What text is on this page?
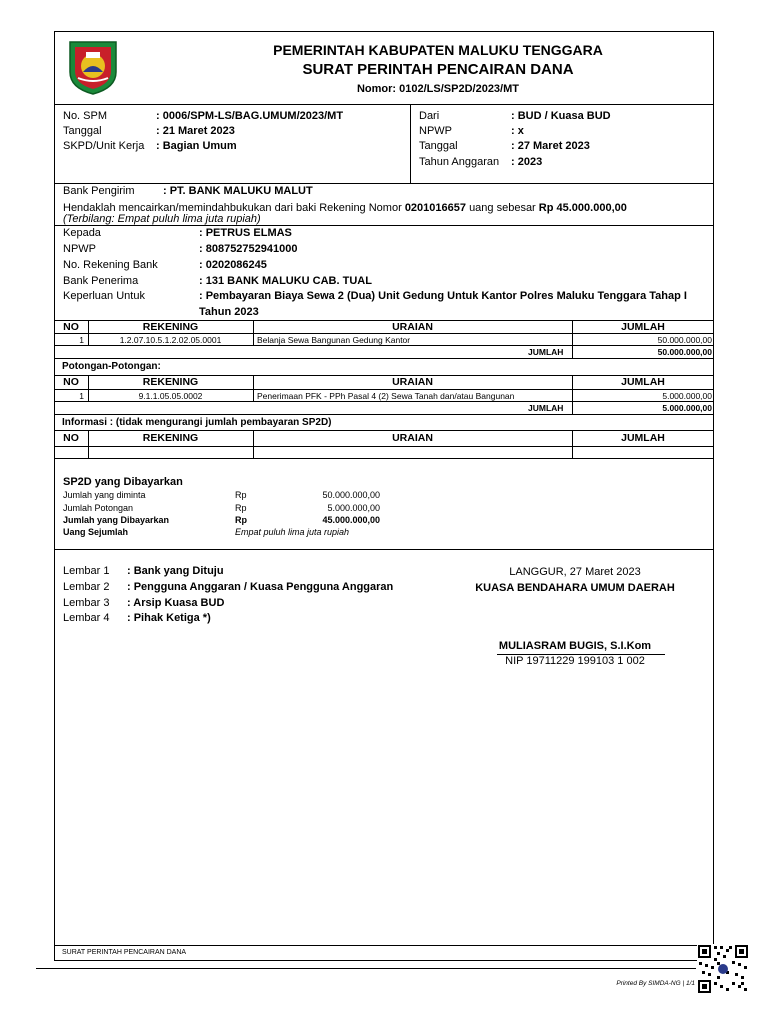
PEMERINTAH KABUPATEN MALUKU TENGGARA
SURAT PERINTAH PENCAIRAN DANA
Nomor: 0102/LS/SP2D/2023/MT
No. SPM	: 0006/SPM-LS/BAG.UMUM/2023/MT
Tanggal	: 21 Maret 2023
SKPD/Unit Kerja : Bagian Umum
Dari	: BUD / Kuasa BUD
NPWP	: x
Tanggal	: 27 Maret 2023
Tahun Anggaran : 2023
Bank Pengirim	: PT. BANK MALUKU MALUT
Hendaklah mencairkan/memindahbukukan dari baki Rekening Nomor 0201016657 uang sebesar Rp 45.000.000,00
(Terbilang: Empat puluh lima juta rupiah)
Kepada	: PETRUS ELMAS
NPWP	: 808752752941000
No. Rekening Bank	: 0202086245
Bank Penerima	: 131 BANK MALUKU CAB. TUAL
Keperluan Untuk	: Pembayaran Biaya Sewa 2 (Dua) Unit Gedung Untuk Kantor Polres Maluku Tenggara Tahap I
Tahun 2023
NO	REKENING	URAIAN	JUMLAH
1	1.2.07.10.5.1.2.02.05.0001	Belanja Sewa Bangunan Gedung Kantor	50.000.000,00
JUMLAH	50.000.000,00
Potongan-Potongan:
NO	REKENING	URAIAN	JUMLAH
1	9.1.1.05.05.0002	Penerimaan PFK - PPh Pasal 4 (2) Sewa Tanah dan/atau Bangunan	5.000.000,00
JUMLAH	5.000.000,00
Informasi : (tidak mengurangi jumlah pembayaran SP2D)
NO	REKENING	URAIAN	JUMLAH
SP2D yang Dibayarkan
Jumlah yang diminta	Rp	50.000.000,00
Jumlah Potongan	Rp	5.000.000,00
Jumlah yang Dibayarkan	Rp	45.000.000,00
Uang Sejumlah	Empat puluh lima juta rupiah
Lembar 1 : Bank yang Dituju
Lembar 2 : Pengguna Anggaran / Kuasa Pengguna Anggaran
Lembar 3 : Arsip Kuasa BUD
Lembar 4 : Pihak Ketiga *)
LANGGUR, 27 Maret 2023
KUASA BENDAHARA UMUM DAERAH
MULIASRAM BUGIS, S.I.Kom
NIP 19711229 199103 1 002
SURAT PERINTAH PENCAIRAN DANA
Printed By SIMDA-NG | 1/1
